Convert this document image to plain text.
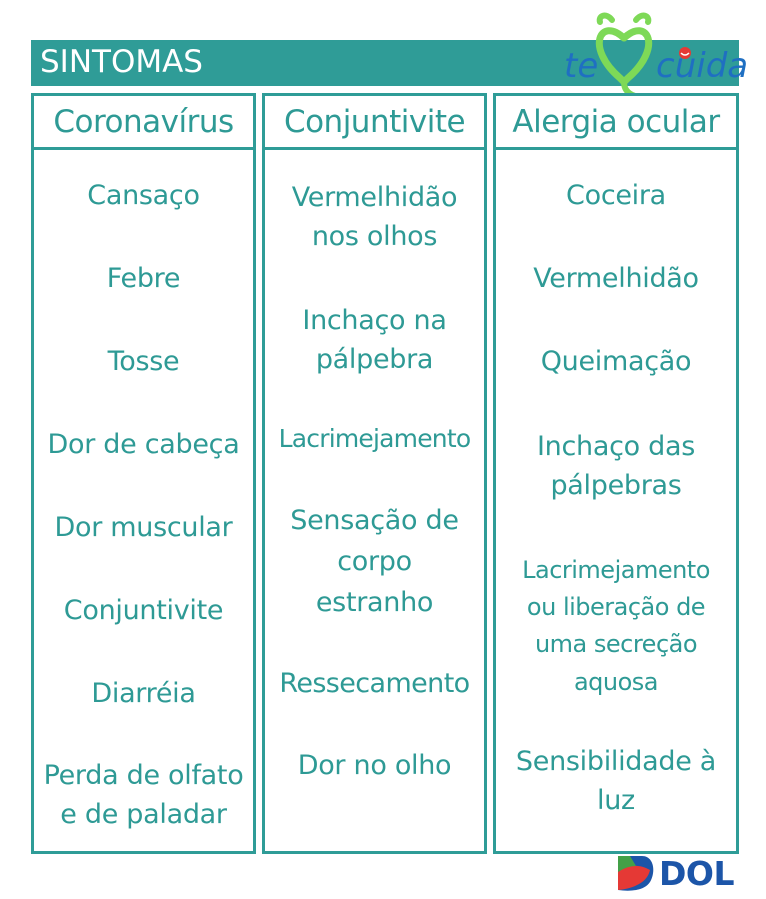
SINTOMAS	te cuida
Coronavírus
Cansaço
Febre
Tosse
Dor de cabeça
Dor muscular
Conjuntivite
Diarréia
Perda de olfato
e de paladar
Conjuntivite
Vermelhidão
nos olhos
Inchaço na
pálpebra
Lacrimejamento
Sensação de
corpo
estranho
Ressecamento
Dor no olho
Alergia ocular
Coceira
Vermelhidão
Queimação
Inchaço das
pálpebras
Lacrimejamento
ou liberação de
uma secreção
aquosa
Sensibilidade à
luz
DOL
